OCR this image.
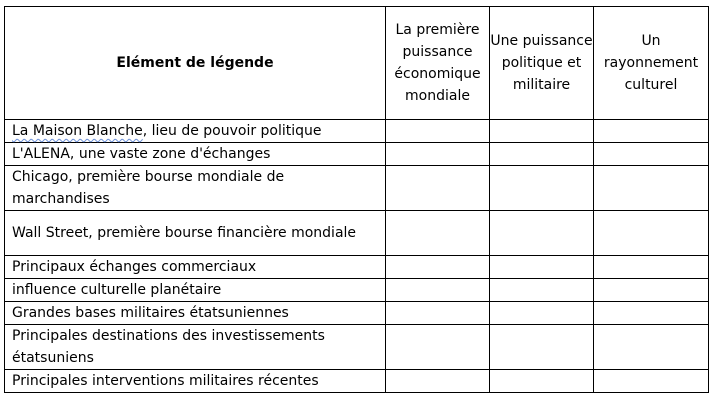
Elément de légende	La première puissance économique mondiale	Une puissance politique et militaire	Un rayonnement culturel
La Maison Blanche, lieu de pouvoir politique			
L'ALENA, une vaste zone d'échanges			
Chicago, première bourse mondiale de marchandises			
Wall Street, première bourse financière mondiale			
Principaux échanges commerciaux			
influence culturelle planétaire			
Grandes bases militaires étatsuniennes			
Principales destinations des investissements étatsuniens			
Principales interventions militaires récentes			
